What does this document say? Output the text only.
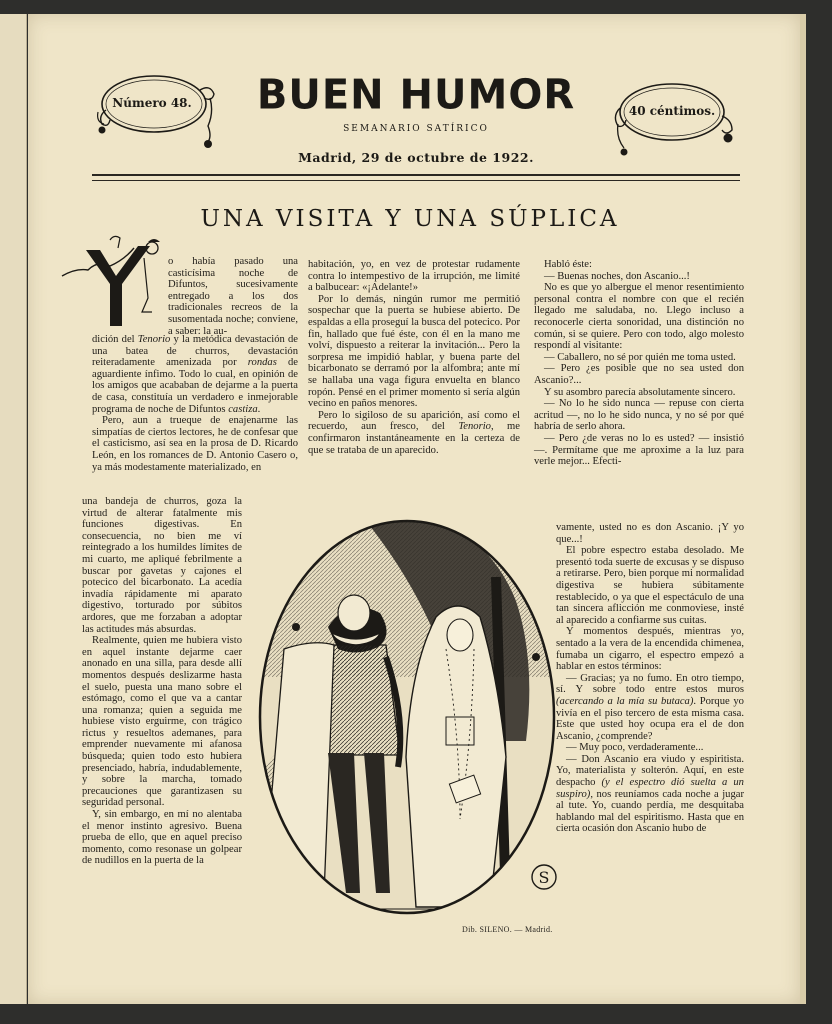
Número 48.
40 céntimos.
BUEN HUMOR
SEMANARIO SATÍRICO
Madrid, 29 de octubre de 1922.
UNA VISITA Y UNA SÚPLICA

o había pasado una casticísima noche de Difuntos, sucesivamente entregado a los dos tradicionales recreos de la susomentada noche; conviene, a saber: la au-

dición del Tenorio y la metódica devastación de una batea de churros, devastación reiteradamente amenizada por rondas de aguardiente ínfimo. Todo lo cual, en opinión de los amigos que acababan de dejarme a la puerta de casa, constituía un verdadero e inmejorable programa de noche de Difuntos castiza.

Pero, aun a trueque de enajenarme las simpatías de ciertos lectores, he de confesar que el casticismo, así sea en la prosa de D. Ricardo León, en los romances de D. Antonio Casero o, ya más modestamente materializado, en

una bandeja de churros, goza la virtud de alterar fatalmente mis funciones digestivas. En consecuencia, no bien me ví reintegrado a los humildes límites de mi cuarto, me apliqué febrilmente a buscar por gavetas y cajones el potecico del bicarbonato. La acedía invadía rápidamente mi aparato digestivo, torturado por súbitos ardores, que me forzaban a adoptar las actitudes más absurdas.

Realmente, quien me hubiera visto en aquel instante dejarme caer anonado en una silla, para desde allí momentos después deslizarme hasta el suelo, puesta una mano sobre el estómago, como el que va a cantar una romanza; quien a seguida me hubiese visto erguirme, con trágico rictus y resueltos ademanes, para emprender nuevamente mi afanosa búsqueda; quien todo esto hubiera presenciado, habría, indudablemente, y sobre la marcha, tomado precauciones que garantizasen su seguridad personal.

Y, sin embargo, en mí no alentaba el menor instinto agresivo. Buena prueba de ello, que en aquel preciso momento, como resonase un golpear de nudillos en la puerta de la

habitación, yo, en vez de protestar rudamente contra lo intempestivo de la irrupción, me limité a balbucear: «¡Adelante!»

Por lo demás, ningún rumor me permitió sospechar que la puerta se hubiese abierto. De espaldas a ella proseguí la busca del potecico. Por fin, hallado que fué éste, con él en la mano me volví, dispuesto a reiterar la invitación... Pero la sorpresa me impidió hablar, y buena parte del bicarbonato se derramó por la alfombra; ante mí se hallaba una vaga figura envuelta en blanco ropón. Pensé en el primer momento si sería algún vecino en paños menores.

Pero lo sigiloso de su aparición, así como el recuerdo, aun fresco, del Tenorio, me confirmaron instantáneamente en la certeza de que se trataba de un aparecido.

Habló éste:

— Buenas noches, don Ascanio...!

No es que yo albergue el menor resentimiento personal contra el nombre con que el recién llegado me saludaba, no. Llego incluso a reconocerle cierta sonoridad, una distinción no común, si se quiere. Pero con todo, algo molesto respondí al visitante:

— Caballero, no sé por quién me toma usted.

— Pero ¿es posible que no sea usted don Ascanio?...

Y su asombro parecía absolutamente sincero.

— No lo he sido nunca — repuse con cierta acritud —, no lo he sido nunca, y no sé por qué habría de serlo ahora.

— Pero ¿de veras no lo es usted? — insistió —. Permítame que me aproxime a la luz para verle mejor... Efecti-

vamente, usted no es don Ascanio. ¡Y yo que...!

El pobre espectro estaba desolado. Me presentó toda suerte de excusas y se dispuso a retirarse. Pero, bien porque mi normalidad digestiva se hubiera súbitamente restablecido, o ya que el espectáculo de una tan sincera aflicción me conmoviese, insté al aparecido a confiarme sus cuitas.

Y momentos después, mientras yo, sentado a la vera de la encendida chimenea, fumaba un cigarro, el espectro empezó a hablar en estos términos:

— Gracias; ya no fumo. En otro tiempo, sí. Y sobre todo entre estos muros (acercando a la mía su butaca). Porque yo vivía en el piso tercero de esta misma casa. Este que usted hoy ocupa era el de don Ascanio, ¿comprende?

— Muy poco, verdaderamente...

— Don Ascanio era viudo y espiritista. Yo, materialista y solterón. Aquí, en este despacho (y el espectro dió suelta a un suspiro), nos reuníamos cada noche a jugar al tute. Yo, cuando perdía, me desquitaba hablando mal del espiritismo. Hasta que en cierta ocasión don Ascanio hubo de

S
Dib. SILENO. — Madrid.
